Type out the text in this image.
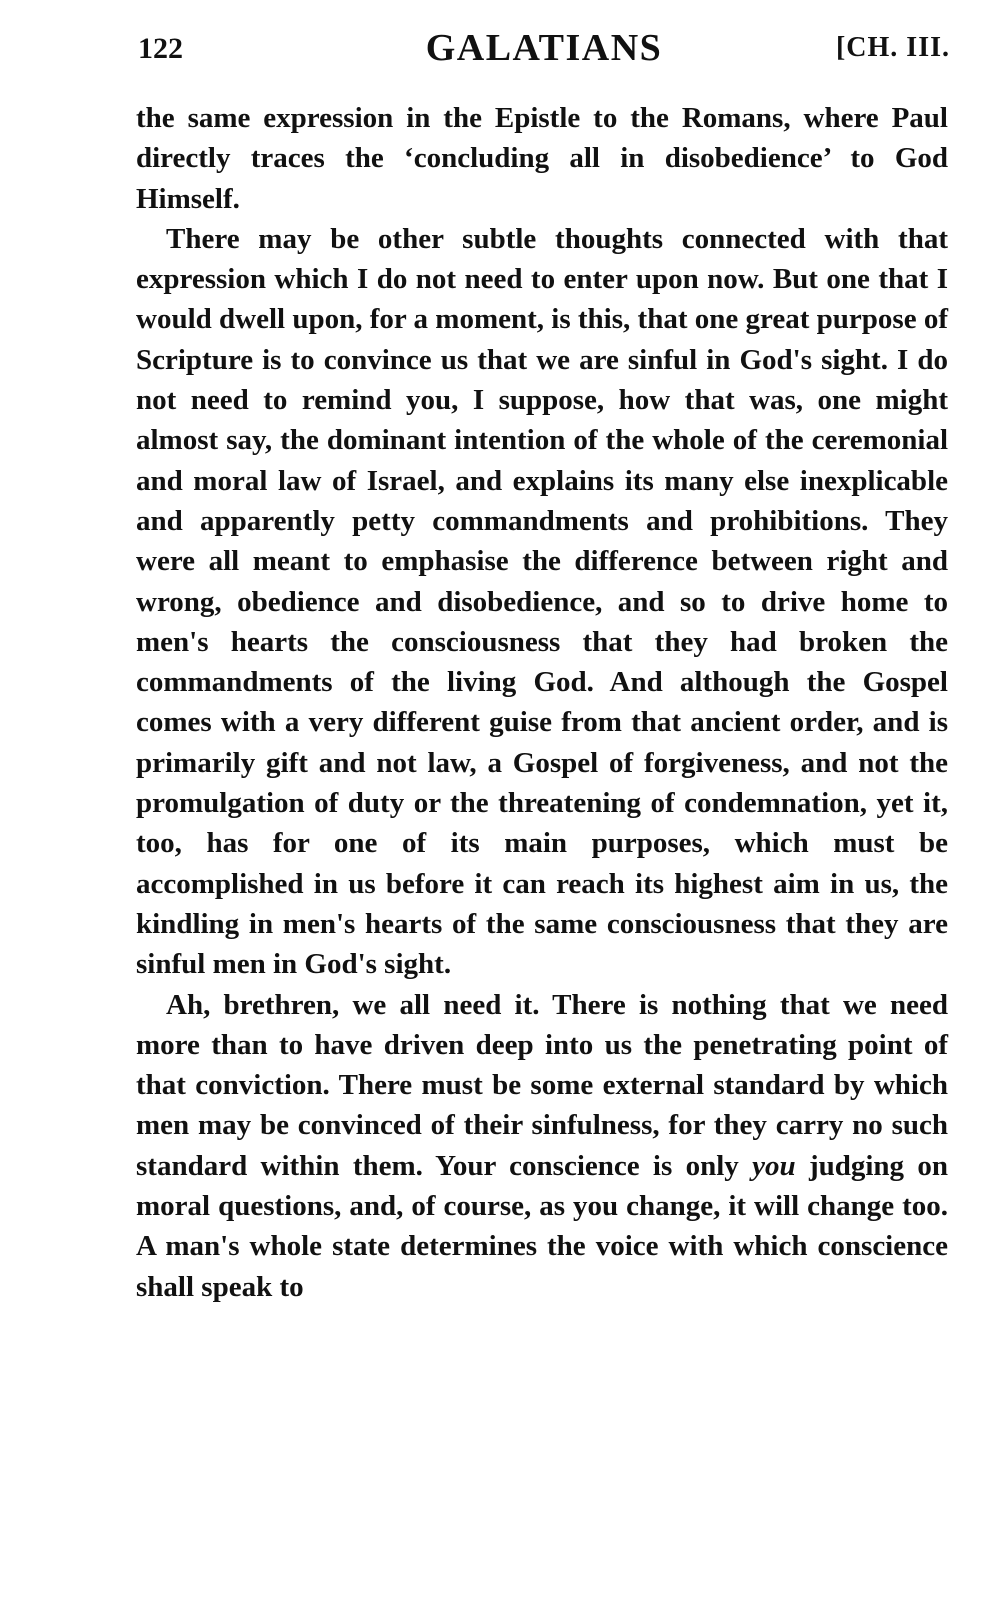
122	GALATIANS	[CH. III.

the same expression in the Epistle to the Romans, where Paul directly traces the ‘concluding all in disobedience’ to God Himself.

There may be other subtle thoughts connected with that expression which I do not need to enter upon now. But one that I would dwell upon, for a moment, is this, that one great purpose of Scripture is to convince us that we are sinful in God's sight. I do not need to remind you, I suppose, how that was, one might almost say, the dominant intention of the whole of the ceremonial and moral law of Israel, and explains its many else inexplicable and apparently petty commandments and prohibitions. They were all meant to emphasise the difference between right and wrong, obedience and disobedience, and so to drive home to men's hearts the consciousness that they had broken the commandments of the living God. And although the Gospel comes with a very different guise from that ancient order, and is primarily gift and not law, a Gospel of forgiveness, and not the promulgation of duty or the threatening of condemnation, yet it, too, has for one of its main purposes, which must be accomplished in us before it can reach its highest aim in us, the kindling in men's hearts of the same consciousness that they are sinful men in God's sight.

Ah, brethren, we all need it. There is nothing that we need more than to have driven deep into us the penetrating point of that conviction. There must be some external standard by which men may be convinced of their sinfulness, for they carry no such standard within them. Your conscience is only you judging on moral questions, and, of course, as you change, it will change too. A man's whole state determines the voice with which conscience shall speak to
